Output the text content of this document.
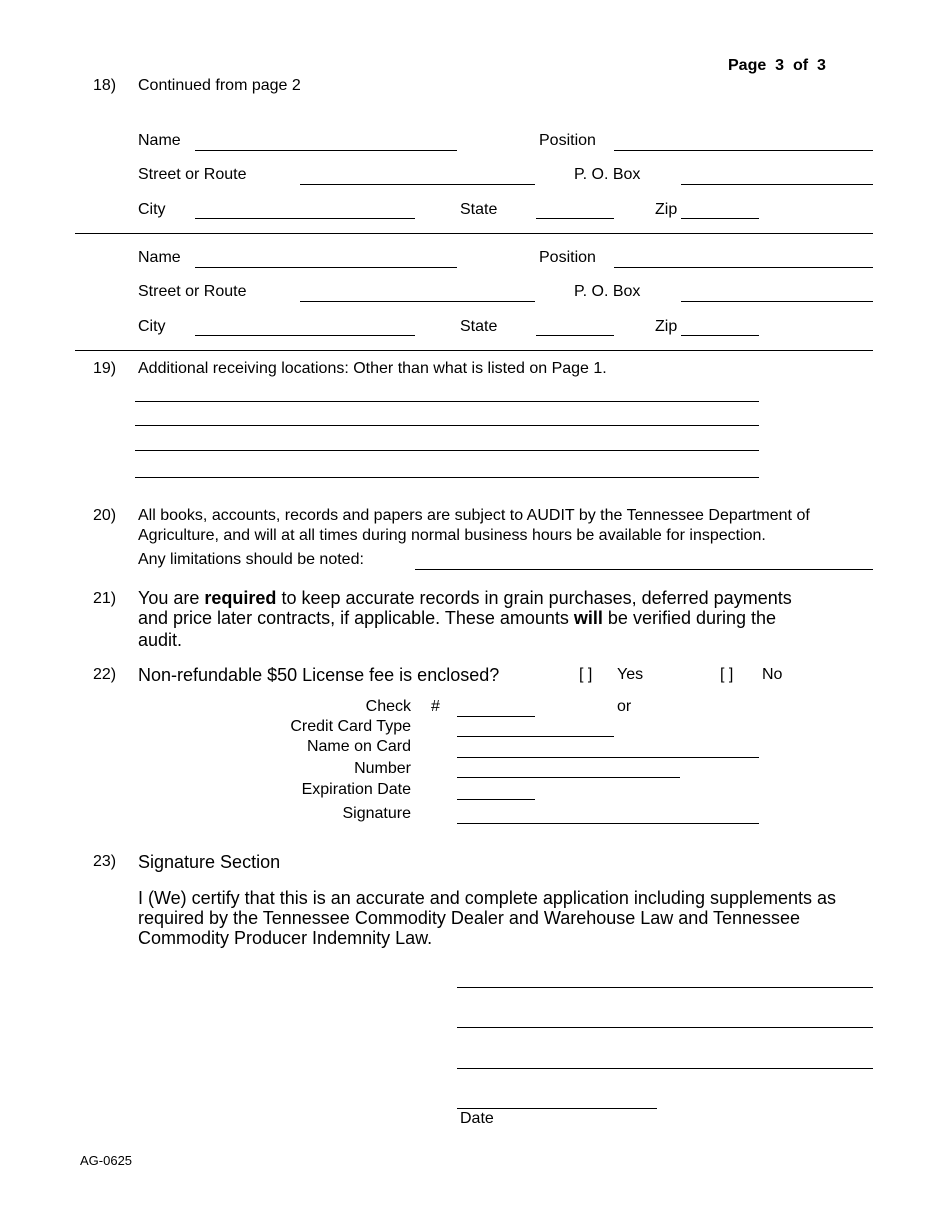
Page 3 of 3
18) Continued from page 2
Name	Position
Street or Route	P. O. Box
City	State	Zip
Name	Position
Street or Route	P. O. Box
City	State	Zip
19) Additional receiving locations: Other than what is listed on Page 1.
20) All books, accounts, records and papers are subject to AUDIT by the Tennessee Department of
Agriculture, and will at all times during normal business hours be available for inspection.
Any limitations should be noted:
21) You are required to keep accurate records in grain purchases, deferred payments
and price later contracts, if applicable. These amounts will be verified during the
audit.
22) Non-refundable $50 License fee is enclosed?	[ ] Yes	[ ] No
Check #	or
Credit Card Type
Name on Card
Number
Expiration Date
Signature
23) Signature Section
I (We) certify that this is an accurate and complete application including supplements as
required by the Tennessee Commodity Dealer and Warehouse Law and Tennessee
Commodity Producer Indemnity Law.
Date
AG-0625
